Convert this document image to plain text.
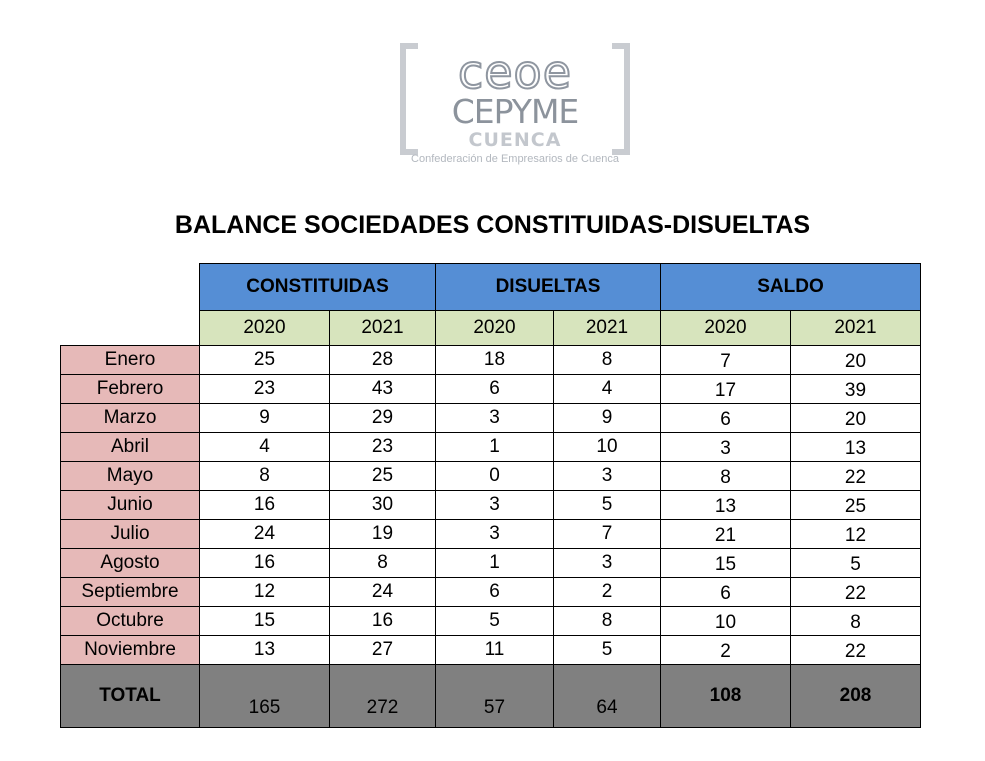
ceoe
CEPYME
CUENCA
Confederación de Empresarios de Cuenca
BALANCE SOCIEDADES CONSTITUIDAS-DISUELTAS
	CONSTITUIDAS		DISUELTAS		SALDO	
	2020	2021	2020	2021	2020	2021
Enero	25	28	18	8	7	20
Febrero	23	43	6	4	17	39
Marzo	9	29	3	9	6	20
Abril	4	23	1	10	3	13
Mayo	8	25	0	3	8	22
Junio	16	30	3	5	13	25
Julio	24	19	3	7	21	12
Agosto	16	8	1	3	15	5
Septiembre	12	24	6	2	6	22
Octubre	15	16	5	8	10	8
Noviembre	13	27	11	5	2	22
TOTAL	165	272	57	64	108	208
